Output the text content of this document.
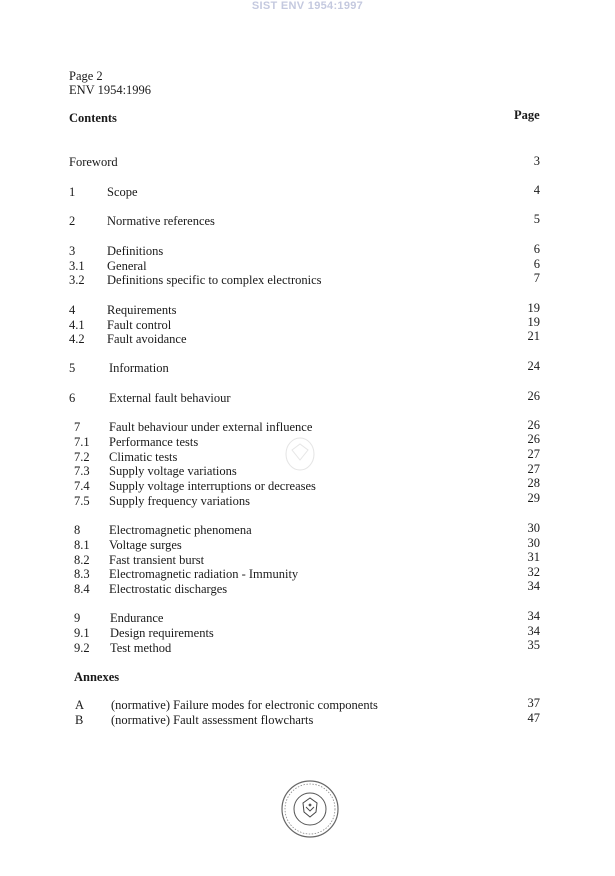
SIST ENV 1954:1997
Page 2
ENV 1954:1996
Contents	Page
Foreword	3
1	Scope	4
2	Normative references	5
3	Definitions	6
3.1 General	6
3.2 Definitions specific to complex electronics	7
4	Requirements	19
4.1 Fault control	19
4.2 Fault avoidance	21
5	Information	24
6	External fault behaviour	26
7 Fault behaviour under external influence	26
7.1 Performance tests	26
7.2 Climatic tests	27
7.3 Supply voltage variations	27
7.4 Supply voltage interruptions or decreases	28
7.5 Supply frequency variations	29
8 Electromagnetic phenomena	30
8.1 Voltage surges	30
8.2 Fast transient burst	31
8.3 Electromagnetic radiation - Immunity	32
8.4 Electrostatic discharges	34
9 Endurance	34
9.1 Design requirements	34
9.2 Test method	35
Annexes
A (normative) Failure modes for electronic components	37
B (normative) Fault assessment flowcharts	47
